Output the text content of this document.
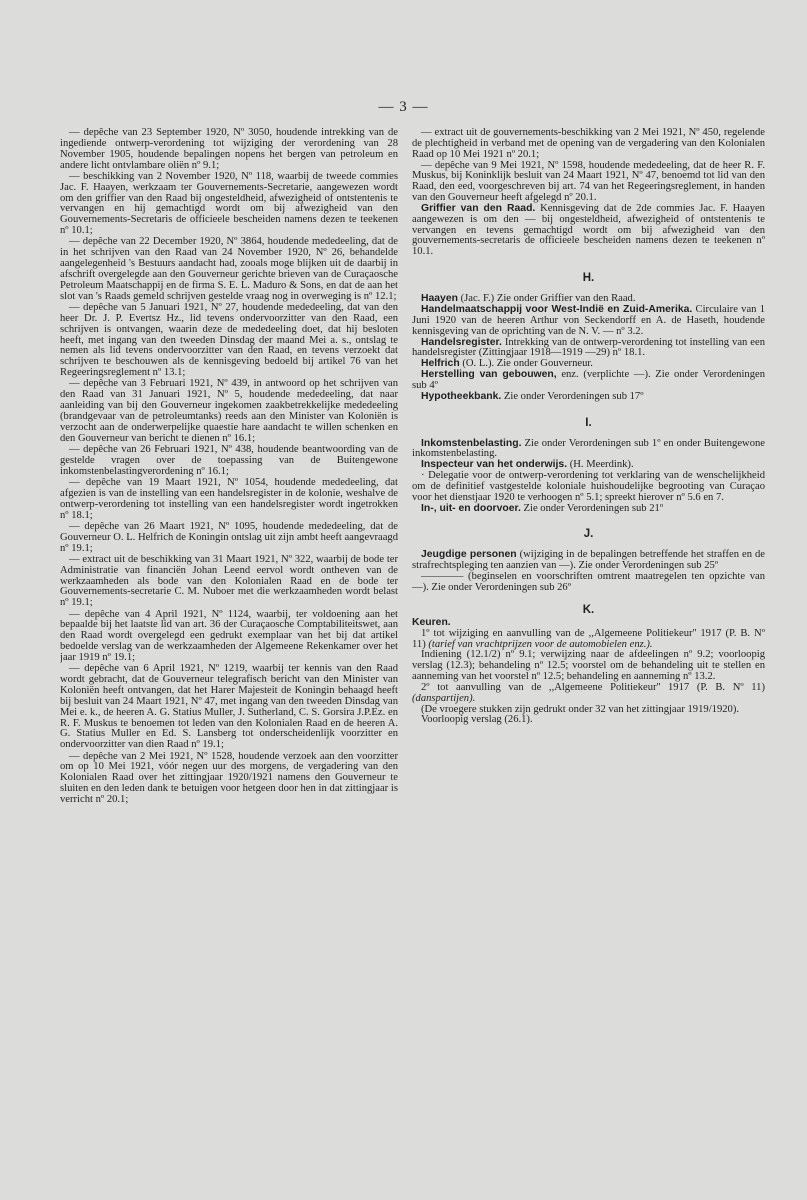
— 3 —

— depêche van 23 September 1920, Nº 3050, houdende intrekking van de ingediende ontwerp-verordening tot wijziging der verordening van 28 November 1905, houdende bepalingen nopens het bergen van petroleum en andere licht ontvlambare oliën nº 9.1;

— beschikking van 2 November 1920, Nº 118, waarbij de tweede commies Jac. F. Haayen, werkzaam ter Gouvernements-Secretarie, aangewezen wordt om den griffier van den Raad bij ongesteldheid, afwezigheid of ontstentenis te vervangen en hij gemachtigd wordt om bij afwezigheid van den Gouvernements-Secretaris de officieele bescheiden namens dezen te teekenen nº 10.1;

— depêche van 22 December 1920, Nº 3864, houdende mededeeling, dat de in het schrijven van den Raad van 24 November 1920, Nº 26, behandelde aangelegenheid 's Bestuurs aandacht had, zooals moge blijken uit de daarbij in afschrift overgelegde aan den Gouverneur gerichte brieven van de Curaçaosche Petroleum Maatschappij en de firma S. E. L. Maduro & Sons, en dat de aan het slot van 's Raads gemeld schrijven gestelde vraag nog in overweging is nº 12.1;

— depêche van 5 Januari 1921, Nº 27, houdende mededeeling, dat van den heer Dr. J. P. Evertsz Hz., lid tevens ondervoorzitter van den Raad, een schrijven is ontvangen, waarin deze de mededeeling doet, dat hij besloten heeft, met ingang van den tweeden Dinsdag der maand Mei a. s., ontslag te nemen als lid tevens ondervoorzitter van den Raad, en tevens verzoekt dat schrijven te beschouwen als de kennisgeving bedoeld bij artikel 76 van het Regeeringsreglement nº 13.1;

— depêche van 3 Februari 1921, Nº 439, in antwoord op het schrijven van den Raad van 31 Januari 1921, Nº 5, houdende mededeeling, dat naar aanleiding van bij den Gouverneur ingekomen zaakbetrekkelijke mededeeling (brandgevaar van de petroleumtanks) reeds aan den Minister van Koloniën is verzocht aan de onderwerpelijke quaestie hare aandacht te willen schenken en den Gouverneur van bericht te dienen nº 16.1;

— depêche van 26 Februari 1921, Nº 438, houdende beantwoording van de gestelde vragen over de toepassing van de Buitengewone inkomstenbelastingverordening nº 16.1;

— depêche van 19 Maart 1921, Nº 1054, houdende mededeeling, dat afgezien is van de instelling van een handelsregister in de kolonie, weshalve de ontwerp-verordening tot instelling van een handelsregister wordt ingetrokken nº 18.1;

— depêche van 26 Maart 1921, Nº 1095, houdende mededeeling, dat de Gouverneur O. L. Helfrich de Koningin ontslag uit zijn ambt heeft aangevraagd nº 19.1;

— extract uit de beschikking van 31 Maart 1921, Nº 322, waarbij de bode ter Administratie van financiën Johan Leend eervol wordt ontheven van de werkzaamheden als bode van den Kolonialen Raad en de bode ter Gouvernements-secretarie C. M. Nuboer met die werkzaamheden wordt belast nº 19.1;

— depêche van 4 April 1921, Nº 1124, waarbij, ter voldoening aan het bepaalde bij het laatste lid van art. 36 der Curaçaosche Comptabiliteitswet, aan den Raad wordt overgelegd een gedrukt exemplaar van het bij dat artikel bedoelde verslag van de werkzaamheden der Algemeene Rekenkamer over het jaar 1919 nº 19.1;

— depêche van 6 April 1921, Nº 1219, waarbij ter kennis van den Raad wordt gebracht, dat de Gouverneur telegrafisch bericht van den Minister van Koloniën heeft ontvangen, dat het Harer Majesteit de Koningin behaagd heeft bij besluit van 24 Maart 1921, Nº 47, met ingang van den tweeden Dinsdag van Mei e. k., de heeren A. G. Statius Muller, J. Sutherland, C. S. Gorsira J.P.Ez. en R. F. Muskus te benoemen tot leden van den Kolonialen Raad en de heeren A. G. Statius Muller en Ed. S. Lansberg tot onderscheidenlijk voorzitter en ondervoorzitter van dien Raad nº 19.1;

— depêche van 2 Mei 1921, Nº 1528, houdende verzoek aan den voorzitter om op 10 Mei 1921, vóór negen uur des morgens, de vergadering van den Kolonialen Raad over het zittingjaar 1920/1921 namens den Gouverneur te sluiten en den leden dank te betuigen voor hetgeen door hen in dat zittingjaar is verricht nº 20.1;

— extract uit de gouvernements-beschikking van 2 Mei 1921, Nº 450, regelende de plechtigheid in verband met de opening van de vergadering van den Kolonialen Raad op 10 Mei 1921 nº 20.1;

— depêche van 9 Mei 1921, Nº 1598, houdende mededeeling, dat de heer R. F. Muskus, bij Koninklijk besluit van 24 Maart 1921, Nº 47, benoemd tot lid van den Raad, den eed, voorgeschreven bij art. 74 van het Regeeringsreglement, in handen van den Gouverneur heeft afgelegd nº 20.1.

Griffier van den Raad. Kennisgeving dat de 2de commies Jac. F. Haayen aangewezen is om den — bij ongesteldheid, afwezigheid of ontstentenis te vervangen en tevens gemachtigd wordt om bij afwezigheid van den gouvernements-secretaris de officieele bescheiden namens dezen te teekenen nº 10.1.

H.

Haayen (Jac. F.) Zie onder Griffier van den Raad.

Handelmaatschappij voor West-Indië en Zuid-Amerika. Circulaire van 1 Juni 1920 van de heeren Arthur von Seckendorff en A. de Haseth, houdende kennisgeving van de oprichting van de N. V. — nº 3.2.

Handelsregister. Intrekking van de ontwerp-verordening tot instelling van een handelsregister (Zittingjaar 1918—1919 —29) nº 18.1.

Helfrich (O. L.). Zie onder Gouverneur.

Herstelling van gebouwen, enz. (verplichte —). Zie onder Verordeningen sub 4º

Hypotheekbank. Zie onder Verordeningen sub 17º

I.

Inkomstenbelasting. Zie onder Verordeningen sub 1º en onder Buitengewone inkomstenbelasting.

Inspecteur van het onderwijs. (H. Meerdink).

· Delegatie voor de ontwerp-verordening tot verklaring van de wenschelijkheid om de definitief vastgestelde koloniale huishoudelijke begrooting van Curaçao voor het dienstjaar 1920 te verhoogen nº 5.1; spreekt hierover nº 5.6 en 7.

In-, uit- en doorvoer. Zie onder Verordeningen sub 21º

J.

Jeugdige personen (wijziging in de bepalingen betreffende het straffen en de strafrechtspleging ten aanzien van —). Zie onder Verordeningen sub 25º

———— (beginselen en voorschriften omtrent maatregelen ten opzichte van —). Zie onder Verordeningen sub 26º

K.

Keuren.

1º tot wijziging en aanvulling van de ,,Algemeene Politiekeur'' 1917 (P. B. Nº 11) (tarief van vrachtprijzen voor de automobielen enz.).

Indiening (12.1/2) nº 9.1; verwijzing naar de afdeelingen nº 9.2; voorloopig verslag (12.3); behandeling nº 12.5; voorstel om de behandeling uit te stellen en aanneming van het voorstel nº 12.5; behandeling en aanneming nº 13.2.

2º tot aanvulling van de ,,Algemeene Politiekeur'' 1917 (P. B. Nº 11) (danspartijen).

(De vroegere stukken zijn gedrukt onder 32 van het zittingjaar 1919/1920).

Voorloopig verslag (26.1).
